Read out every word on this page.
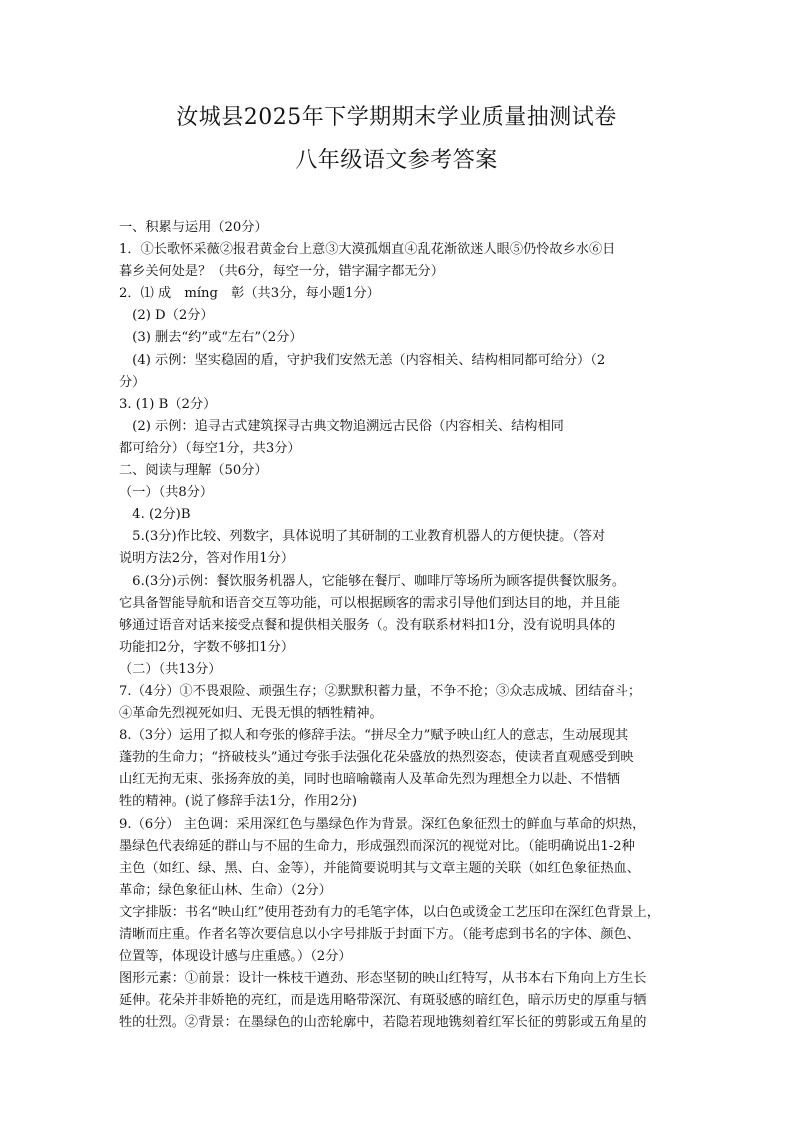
汝城县2025年下学期期末学业质量抽测试卷
八年级语文参考答案
一、积累与运用（20分）
1．①长歌怀采薇②报君黄金台上意③大漠孤烟直④乱花渐欲迷人眼⑤仍怜故乡水⑥日
暮乡关何处是？（共6分，每空一分，错字漏字都无分）
2．⑴ 成　míng　彰（共3分，每小题1分）
　(2) D（2分）
　(3) 删去“约”或“左右”（2分）
　(4) 示例：坚实稳固的盾，守护我们安然无恙（内容相关、结构相同都可给分）（2
分）
3. (1) B（2分）
　(2) 示例：追寻古式建筑探寻古典文物追溯远古民俗（内容相关、结构相同
都可给分）（每空1分，共3分）
二、阅读与理解（50分）
（一）（共8分）
　4. (2分)B
　5.(3分)作比较、列数字，具体说明了其研制的工业教育机器人的方便快捷。（答对
说明方法2分，答对作用1分）
　6.(3分)示例：餐饮服务机器人，它能够在餐厅、咖啡厅等场所为顾客提供餐饮服务。
它具备智能导航和语音交互等功能，可以根据顾客的需求引导他们到达目的地，并且能
够通过语音对话来接受点餐和提供相关服务（。没有联系材料扣1分，没有说明具体的
功能扣2分，字数不够扣1分）
（二）（共13分）
7.（4分）①不畏艰险、顽强生存；②默默积蓄力量，不争不抢；③众志成城、团结奋斗；
④革命先烈视死如归、无畏无惧的牺牲精神。
8.（3分）运用了拟人和夸张的修辞手法。“拼尽全力”赋予映山红人的意志，生动展现其
蓬勃的生命力；“挤破枝头”通过夸张手法强化花朵盛放的热烈姿态，使读者直观感受到映
山红无拘无束、张扬奔放的美，同时也暗喻赣南人及革命先烈为理想全力以赴、不惜牺
牲的精神。(说了修辞手法1分，作用2分)
9.（6分） 主色调：采用深红色与墨绿色作为背景。深红色象征烈士的鲜血与革命的炽热，
墨绿色代表绵延的群山与不屈的生命力，形成强烈而深沉的视觉对比。（能明确说出1-2种
主色（如红、绿、黑、白、金等），并能简要说明其与文章主题的关联（如红色象征热血、
革命；绿色象征山林、生命）（2分）
文字排版：书名“映山红”使用苍劲有力的毛笔字体，以白色或烫金工艺压印在深红色背景上，
清晰而庄重。作者名等次要信息以小字号排版于封面下方。（能考虑到书名的字体、颜色、
位置等，体现设计感与庄重感。）（2分）
图形元素：①前景：设计一株枝干遒劲、形态坚韧的映山红特写，从书本右下角向上方生长
延伸。花朵并非娇艳的亮红，而是选用略带深沉、有斑驳感的暗红色，暗示历史的厚重与牺
牲的壮烈。②背景：在墨绿色的山峦轮廓中，若隐若现地镌刻着红军长征的剪影或五角星的
